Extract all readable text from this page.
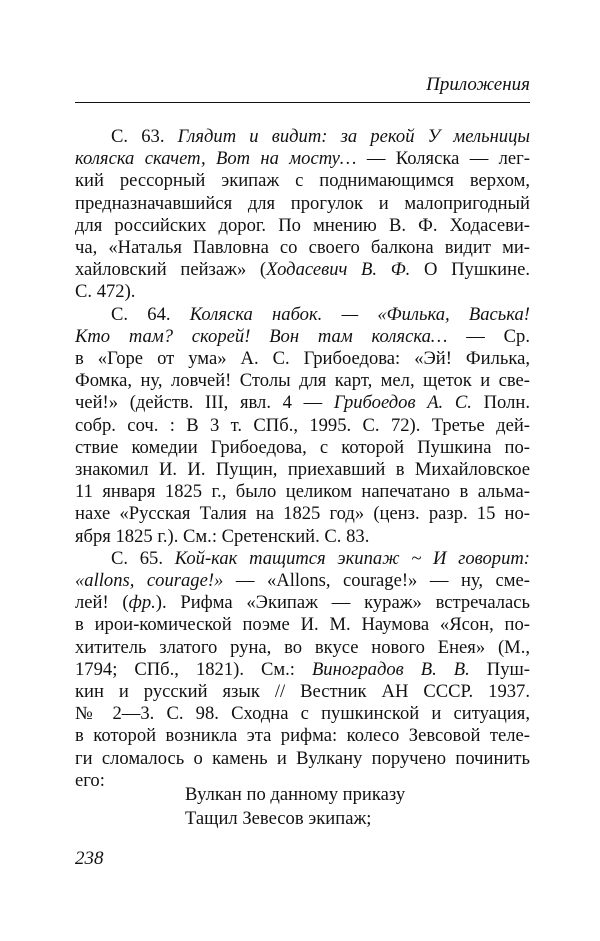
Приложения
С. 63. Глядит и видит: за рекой У мельницы
коляска скачет, Вот на мосту… — Коляска — лег-
кий рессорный экипаж с поднимающимся верхом,
предназначавшийся для прогулок и малопригодный
для российских дорог. По мнению В. Ф. Ходасеви-
ча, «Наталья Павловна со своего балкона видит ми-
хайловский пейзаж» (Ходасевич В. Ф. О Пушкине.
С. 472).
С. 64. Коляска набок. — «Филька, Васька!
Кто там? скорей! Вон там коляска… — Ср.
в «Горе от ума» А. С. Грибоедова: «Эй! Филька,
Фомка, ну, ловчей! Столы для карт, мел, щеток и све-
чей!» (действ. III, явл. 4 — Грибоедов А. С. Полн.
собр. соч. : В 3 т. СПб., 1995. С. 72). Третье дей-
ствие комедии Грибоедова, с которой Пушкина по-
знакомил И. И. Пущин, приехавший в Михайловское
11 января 1825 г., было целиком напечатано в альма-
нахе «Русская Талия на 1825 год» (ценз. разр. 15 но-
ября 1825 г.). См.: Сретенский. С. 83.
С. 65. Кой-как тащится экипаж ~ И говорит:
«allons, courage!» — «Allons, courage!» — ну, сме-
лей! (фр.). Рифма «Экипаж — кураж» встречалась
в ирои-комической поэме И. М. Наумова «Ясон, по-
хититель златого руна, во вкусе нового Енея» (М.,
1794; СПб., 1821). См.: Виноградов В. В. Пуш-
кин и русский язык // Вестник АН СССР. 1937.
№ 2—3. С. 98. Сходна с пушкинской и ситуация,
в которой возникла эта рифма: колесо Зевсовой теле-
ги сломалось о камень и Вулкану поручено починить
его:
Вулкан по данному приказу
Тащил Зевесов экипаж;
238
